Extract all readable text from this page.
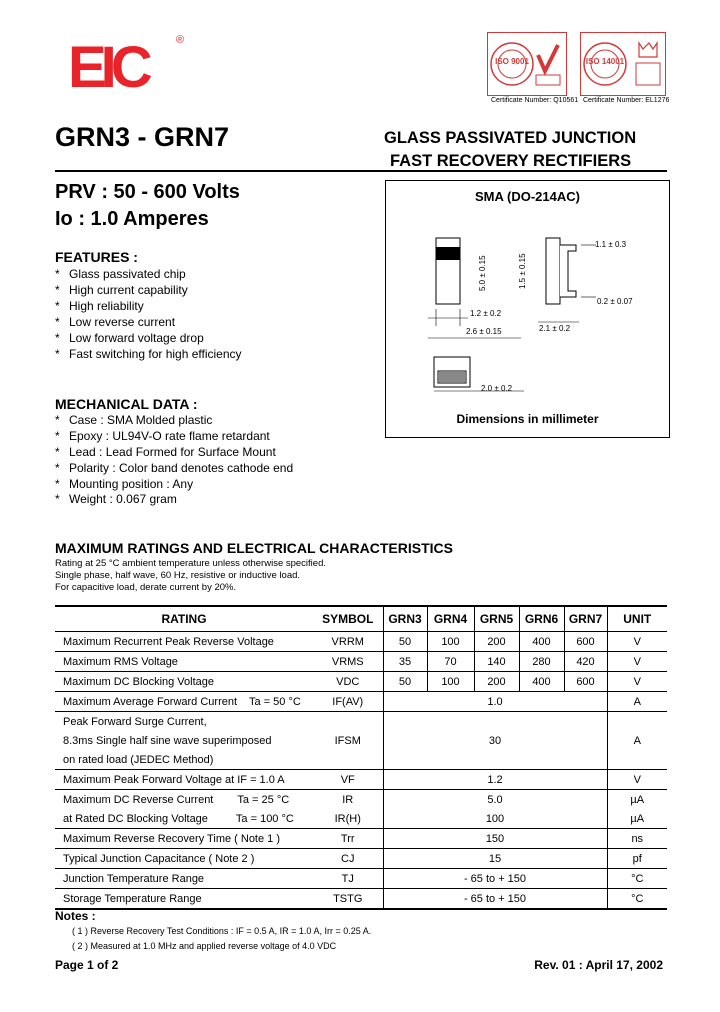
EIC	®
ISO 9001
Certificate Number: Q10561
ISO 14001
Certificate Number: EL1276
GRN3 - GRN7	GLASS PASSIVATED JUNCTION
FAST RECOVERY RECTIFIERS
PRV : 50 - 600 Volts
Io : 1.0 Amperes
FEATURES :
* Glass passivated chip
* High current capability
* High reliability
* Low reverse current
* Low forward voltage drop
* Fast switching for high efficiency
MECHANICAL DATA :
* Case : SMA Molded plastic
* Epoxy : UL94V-O rate flame retardant
* Lead : Lead Formed for Surface Mount
* Polarity : Color band denotes cathode end
* Mounting position : Any
* Weight : 0.067 gram
SMA (DO-214AC)
5.0 ± 0.15	1.5 ± 0.15
1.1 ± 0.3
0.2 ± 0.07
1.2 ± 0.2
2.6 ± 0.15	2.1 ± 0.2
2.0 ± 0.2
Dimensions in millimeter
MAXIMUM RATINGS AND ELECTRICAL CHARACTERISTICS
Rating at 25 °C ambient temperature unless otherwise specified.
Single phase, half wave, 60 Hz, resistive or inductive load.
For capacitive load, derate current by 20%.
RATING	SYMBOL	GRN3	GRN4	GRN5	GRN6	GRN7	UNIT
Maximum Recurrent Peak Reverse Voltage	VRRM	50	100	200	400	600	V
Maximum RMS Voltage	VRMS	35	70	140	280	420	V
Maximum DC Blocking Voltage	VDC	50	100	200	400	600	V
Maximum Average Forward Current Ta = 50 °C	IF(AV)	1.0					A
Peak Forward Surge Current,							
8.3ms Single half sine wave superimposed	IFSM	30					A
on rated load (JEDEC Method)							
Maximum Peak Forward Voltage at IF = 1.0 A	VF	1.2					V
Maximum DC Reverse Current Ta = 25 °C	IR	5.0					µA
at Rated DC Blocking Voltage Ta = 100 °C	IR(H)	100					µA
Maximum Reverse Recovery Time ( Note 1 )	Trr	150					ns
Typical Junction Capacitance ( Note 2 )	CJ	15					pf
Junction Temperature Range	TJ	- 65 to + 150					°C
Storage Temperature Range	TSTG	- 65 to + 150					°C
Notes :
( 1 ) Reverse Recovery Test Conditions : IF = 0.5 A, IR = 1.0 A, Irr = 0.25 A.
( 2 ) Measured at 1.0 MHz and applied reverse voltage of 4.0 VDC
Page 1 of 2	Rev. 01 : April 17, 2002
